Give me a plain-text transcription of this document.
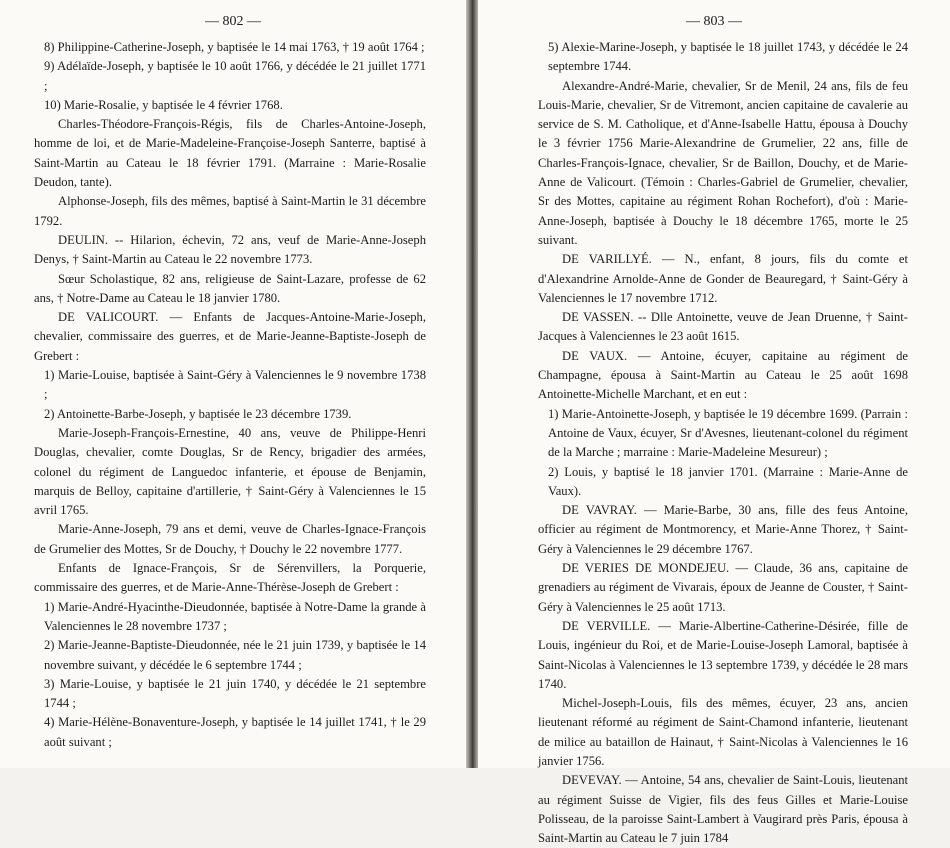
— 802 —

8) Philippine-Catherine-Joseph, y baptisée le 14 mai 1763, † 19 août 1764 ;

9) Adélaïde-Joseph, y baptisée le 10 août 1766, y décédée le 21 juillet 1771 ;

10) Marie-Rosalie, y baptisée le 4 février 1768.

Charles-Théodore-François-Régis, fils de Charles-Antoine-Joseph, homme de loi, et de Marie-Madeleine-Françoise-Joseph Santerre, baptisé à Saint-Martin au Cateau le 18 février 1791. (Marraine : Marie-Rosalie Deudon, tante).

Alphonse-Joseph, fils des mêmes, baptisé à Saint-Martin le 31 décembre 1792.

DEULIN. -- Hilarion, échevin, 72 ans, veuf de Marie-Anne-Joseph Denys, † Saint-Martin au Cateau le 22 novembre 1773.

Sœur Scholastique, 82 ans, religieuse de Saint-Lazare, professe de 62 ans, † Notre-Dame au Cateau le 18 janvier 1780.

DE VALICOURT. — Enfants de Jacques-Antoine-Marie-Joseph, chevalier, commissaire des guerres, et de Marie-Jeanne-Baptiste-Joseph de Grebert :

1) Marie-Louise, baptisée à Saint-Géry à Valenciennes le 9 novembre 1738 ;

2) Antoinette-Barbe-Joseph, y baptisée le 23 décembre 1739.

Marie-Joseph-François-Ernestine, 40 ans, veuve de Philippe-Henri Douglas, chevalier, comte Douglas, Sr de Rency, brigadier des armées, colonel du régiment de Languedoc infanterie, et épouse de Benjamin, marquis de Belloy, capitaine d'artillerie, † Saint-Géry à Valenciennes le 15 avril 1765.

Marie-Anne-Joseph, 79 ans et demi, veuve de Charles-Ignace-François de Grumelier des Mottes, Sr de Douchy, † Douchy le 22 novembre 1777.

Enfants de Ignace-François, Sr de Sérenvillers, la Porquerie, commissaire des guerres, et de Marie-Anne-Thérèse-Joseph de Grebert :

1) Marie-André-Hyacinthe-Dieudonnée, baptisée à Notre-Dame la grande à Valenciennes le 28 novembre 1737 ;

2) Marie-Jeanne-Baptiste-Dieudonnée, née le 21 juin 1739, y baptisée le 14 novembre suivant, y décédée le 6 septembre 1744 ;

3) Marie-Louise, y baptisée le 21 juin 1740, y décédée le 21 septembre 1744 ;

4) Marie-Hélène-Bonaventure-Joseph, y baptisée le 14 juillet 1741, † le 29 août suivant ;

— 803 —

5) Alexie-Marine-Joseph, y baptisée le 18 juillet 1743, y décédée le 24 septembre 1744.

Alexandre-André-Marie, chevalier, Sr de Menil, 24 ans, fils de feu Louis-Marie, chevalier, Sr de Vitremont, ancien capitaine de cavalerie au service de S. M. Catholique, et d'Anne-Isabelle Hattu, épousa à Douchy le 3 février 1756 Marie-Alexandrine de Grumelier, 22 ans, fille de Charles-François-Ignace, chevalier, Sr de Baillon, Douchy, et de Marie-Anne de Valicourt. (Témoin : Charles-Gabriel de Grumelier, chevalier, Sr des Mottes, capitaine au régiment Rohan Rochefort), d'où : Marie-Anne-Joseph, baptisée à Douchy le 18 décembre 1765, morte le 25 suivant.

DE VARILLYÉ. — N., enfant, 8 jours, fils du comte et d'Alexandrine Arnolde-Anne de Gonder de Beauregard, † Saint-Géry à Valenciennes le 17 novembre 1712.

DE VASSEN. -- Dlle Antoinette, veuve de Jean Druenne, † Saint-Jacques à Valenciennes le 23 août 1615.

DE VAUX. — Antoine, écuyer, capitaine au régiment de Champagne, épousa à Saint-Martin au Cateau le 25 août 1698 Antoinette-Michelle Marchant, et en eut :

1) Marie-Antoinette-Joseph, y baptisée le 19 décembre 1699. (Parrain : Antoine de Vaux, écuyer, Sr d'Avesnes, lieutenant-colonel du régiment de la Marche ; marraine : Marie-Madeleine Mesureur) ;

2) Louis, y baptisé le 18 janvier 1701. (Marraine : Marie-Anne de Vaux).

DE VAVRAY. — Marie-Barbe, 30 ans, fille des feus Antoine, officier au régiment de Montmorency, et Marie-Anne Thorez, † Saint-Géry à Valenciennes le 29 décembre 1767.

DE VERIES DE MONDEJEU. — Claude, 36 ans, capitaine de grenadiers au régiment de Vivarais, époux de Jeanne de Couster, † Saint-Géry à Valenciennes le 25 août 1713.

DE VERVILLE. — Marie-Albertine-Catherine-Désirée, fille de Louis, ingénieur du Roi, et de Marie-Louise-Joseph Lamoral, baptisée à Saint-Nicolas à Valenciennes le 13 septembre 1739, y décédée le 28 mars 1740.

Michel-Joseph-Louis, fils des mêmes, écuyer, 23 ans, ancien lieutenant réformé au régiment de Saint-Chamond infanterie, lieutenant de milice au bataillon de Hainaut, † Saint-Nicolas à Valenciennes le 16 janvier 1756.

DEVEVAY. — Antoine, 54 ans, chevalier de Saint-Louis, lieutenant au régiment Suisse de Vigier, fils des feus Gilles et Marie-Louise Polisseau, de la paroisse Saint-Lambert à Vaugirard près Paris, épousa à Saint-Martin au Cateau le 7 juin 1784
